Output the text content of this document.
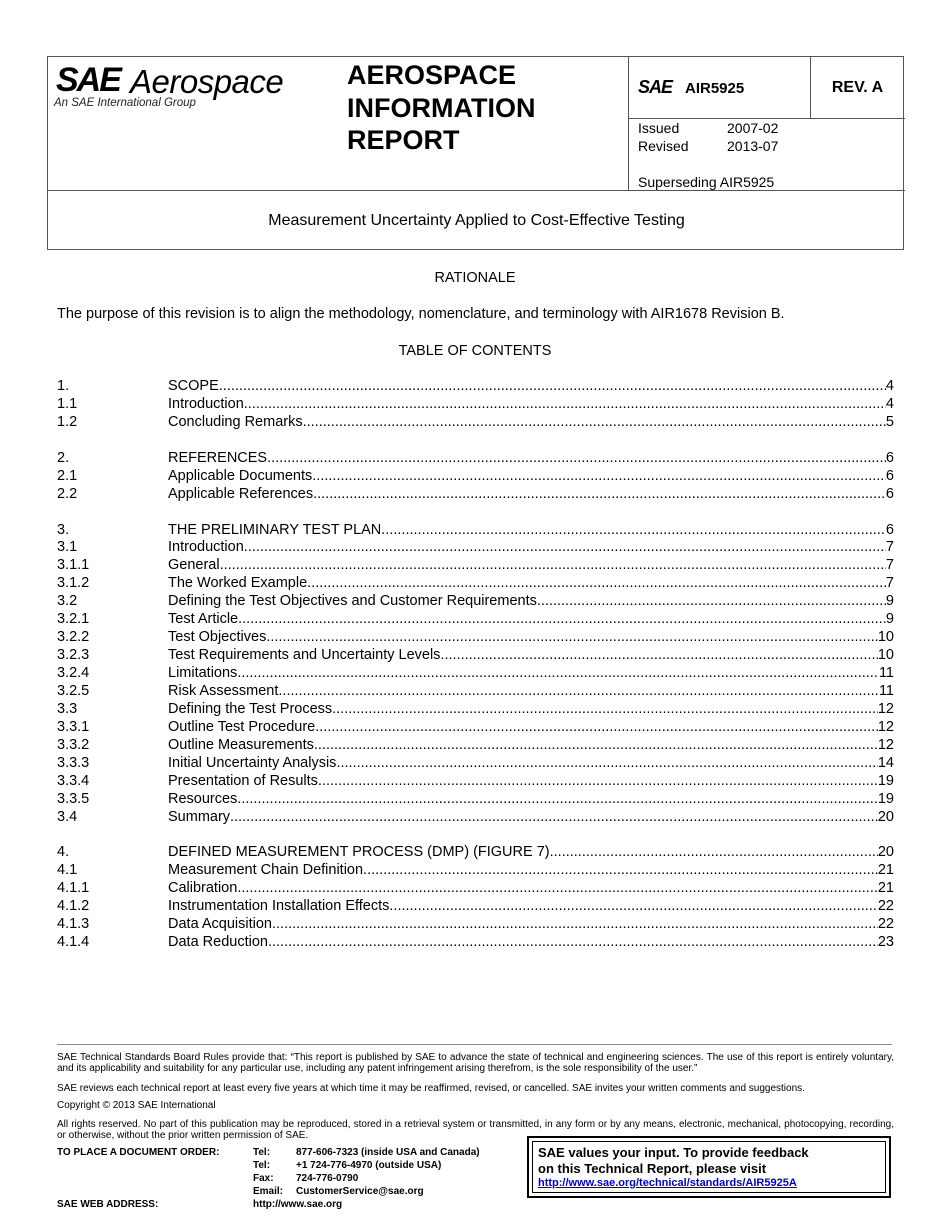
SAE Aerospace
An SAE International Group
AEROSPACE
INFORMATION
REPORT
SAE AIR5925	REV. A
Issued	2007-02
Revised	2013-07
Superseding AIR5925
Measurement Uncertainty Applied to Cost-Effective Testing
RATIONALE
The purpose of this revision is to align the methodology, nomenclature, and terminology with AIR1678 Revision B.
TABLE OF CONTENTS
1.	SCOPE .....	4
1.1	Introduction .....	4
1.2	Concluding Remarks .....	5
2.	REFERENCES .....	6
2.1	Applicable Documents .....	6
2.2	Applicable References .....	6
3.	THE PRELIMINARY TEST PLAN .....	6
3.1	Introduction .....	7
3.1.1	General .....	7
3.1.2	The Worked Example .....	7
3.2	Defining the Test Objectives and Customer Requirements .....	9
3.2.1	Test Article .....	9
3.2.2	Test Objectives .....	10
3.2.3	Test Requirements and Uncertainty Levels .....	10
3.2.4	Limitations .....	11
3.2.5	Risk Assessment .....	11
3.3	Defining the Test Process .....	12
3.3.1	Outline Test Procedure .....	12
3.3.2	Outline Measurements .....	12
3.3.3	Initial Uncertainty Analysis .....	14
3.3.4	Presentation of Results .....	19
3.3.5	Resources .....	19
3.4	Summary .....	20
4.	DEFINED MEASUREMENT PROCESS (DMP) (FIGURE 7) .....	20
4.1	Measurement Chain Definition .....	21
4.1.1	Calibration .....	21
4.1.2	Instrumentation Installation Effects .....	22
4.1.3	Data Acquisition .....	22
4.1.4	Data Reduction .....	23
SAE Technical Standards Board Rules provide that: “This report is published by SAE to advance the state of technical and engineering sciences. The use of this report is entirely voluntary, and its applicability and suitability for any particular use, including any patent infringement arising therefrom, is the sole responsibility of the user.”
SAE reviews each technical report at least every five years at which time it may be reaffirmed, revised, or cancelled. SAE invites your written comments and suggestions.
Copyright © 2013 SAE International
All rights reserved. No part of this publication may be reproduced, stored in a retrieval system or transmitted, in any form or by any means, electronic, mechanical, photocopying, recording, or otherwise, without the prior written permission of SAE.
TO PLACE A DOCUMENT ORDER:	Tel:	877-606-7323 (inside USA and Canada)
Tel:	+1 724-776-4970 (outside USA)
Fax: 724-776-0790
Email: CustomerService@sae.org
SAE WEB ADDRESS:	http://www.sae.org
SAE values your input. To provide feedback
on this Technical Report, please visit
http://www.sae.org/technical/standards/AIR5925A
